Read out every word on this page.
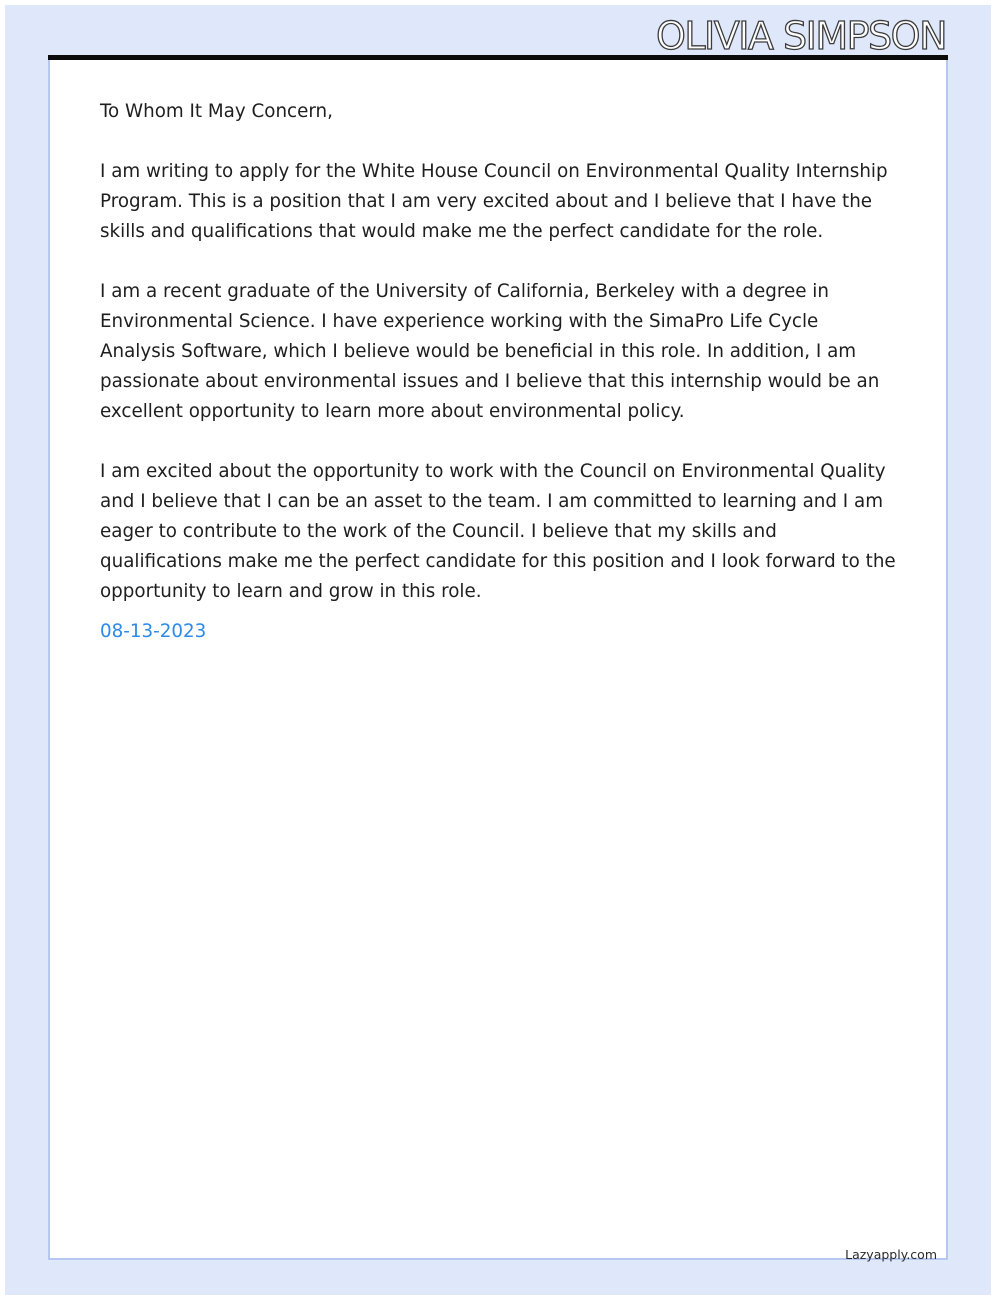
OLIVIA SIMPSON

To Whom It May Concern,

I am writing to apply for the White House Council on Environmental Quality Internship Program. This is a position that I am very excited about and I believe that I have the skills and qualifications that would make me the perfect candidate for the role.

I am a recent graduate of the University of California, Berkeley with a degree in Environmental Science. I have experience working with the SimaPro Life Cycle Analysis Software, which I believe would be beneficial in this role. In addition, I am passionate about environmental issues and I believe that this internship would be an excellent opportunity to learn more about environmental policy.

I am excited about the opportunity to work with the Council on Environmental Quality and I believe that I can be an asset to the team. I am committed to learning and I am eager to contribute to the work of the Council. I believe that my skills and qualifications make me the perfect candidate for this position and I look forward to the opportunity to learn and grow in this role.

08-13-2023
Lazyapply.com
